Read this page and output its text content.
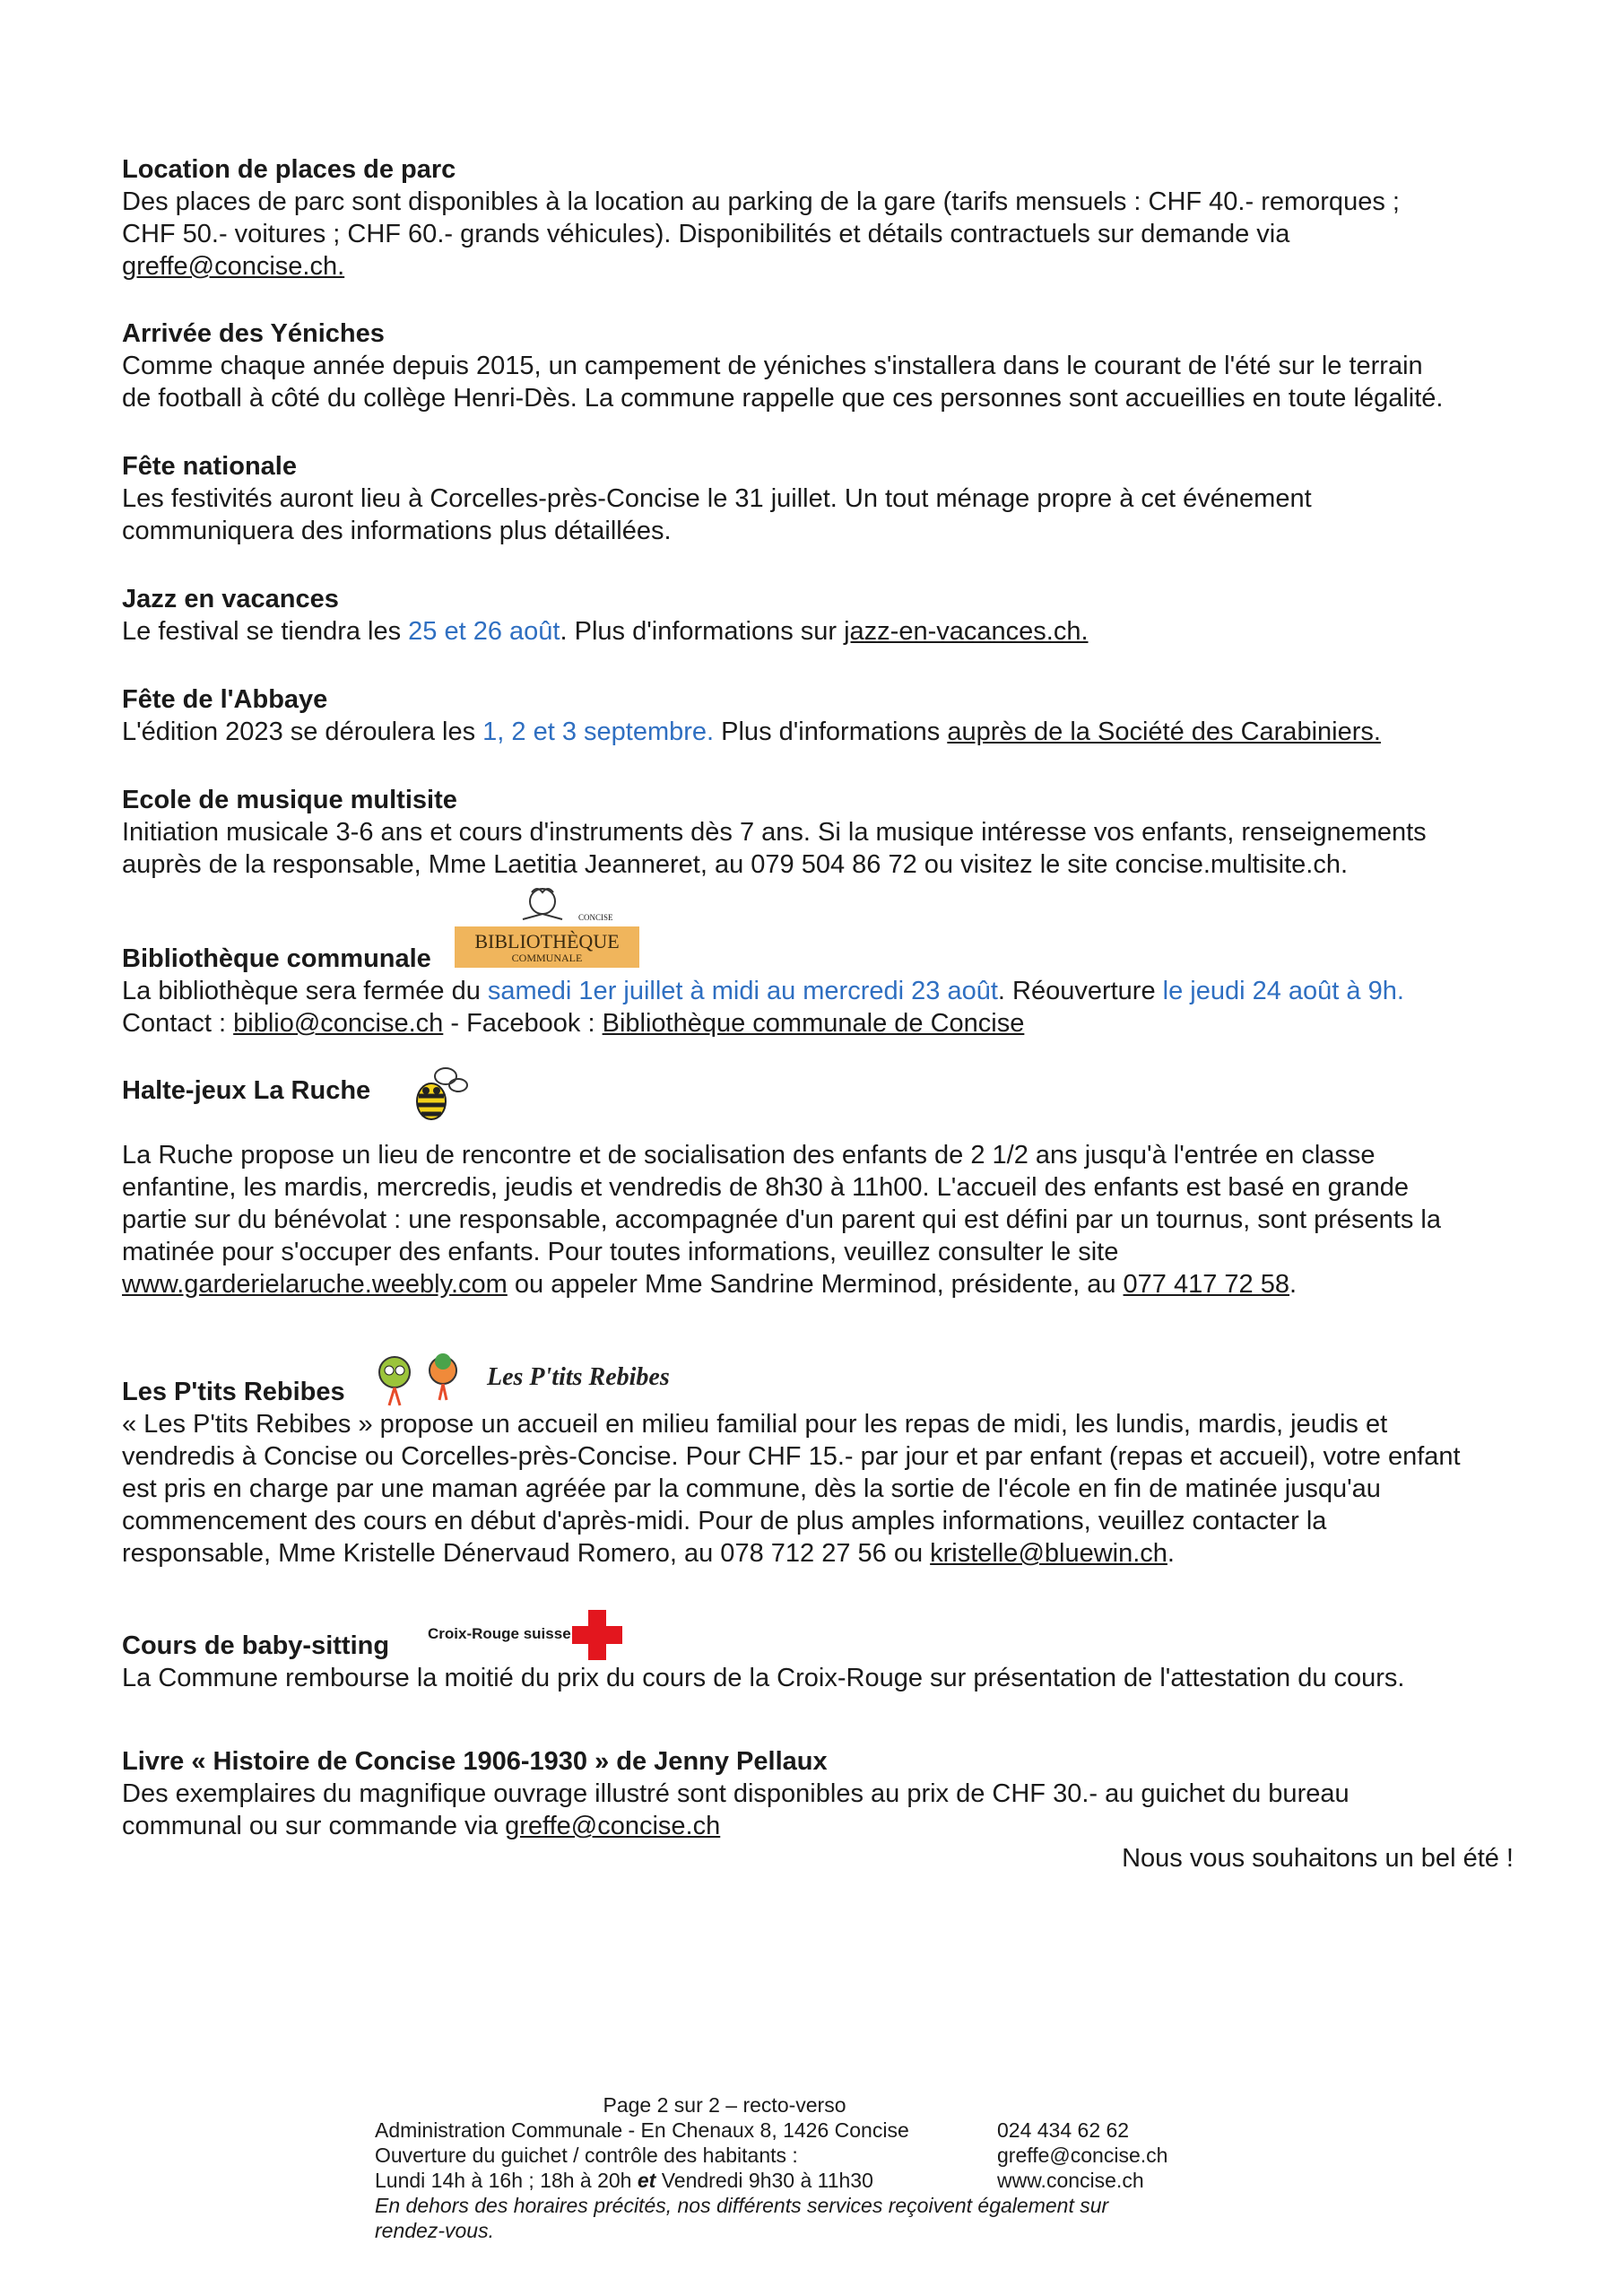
Location de places de parc
Des places de parc sont disponibles à la location au parking de la gare (tarifs mensuels : CHF 40.- remorques ;
CHF 50.- voitures ; CHF 60.- grands véhicules). Disponibilités et détails contractuels sur demande via
greffe@concise.ch.
Arrivée des Yéniches
Comme chaque année depuis 2015, un campement de yéniches s'installera dans le courant de l'été sur le terrain
de football à côté du collège Henri-Dès. La commune rappelle que ces personnes sont accueillies en toute légalité.
Fête nationale
Les festivités auront lieu à Corcelles-près-Concise le 31 juillet. Un tout ménage propre à cet événement
communiquera des informations plus détaillées.
Jazz en vacances
Le festival se tiendra les 25 et 26 août. Plus d'informations sur jazz-en-vacances.ch.
Fête de l'Abbaye
L'édition 2023 se déroulera les 1, 2 et 3 septembre. Plus d'informations auprès de la Société des Carabiniers.
Ecole de musique multisite
Initiation musicale 3-6 ans et cours d'instruments dès 7 ans. Si la musique intéresse vos enfants, renseignements
auprès de la responsable, Mme Laetitia Jeanneret, au 079 504 86 72 ou visitez le site concise.multisite.ch.
CONCISE
BIBLIOTHÈQUE
COMMUNALE
Bibliothèque communale
La bibliothèque sera fermée du samedi 1er juillet à midi au mercredi 23 août. Réouverture le jeudi 24 août à 9h.
Contact : biblio@concise.ch - Facebook : Bibliothèque communale de Concise
Halte-jeux La Ruche
La Ruche propose un lieu de rencontre et de socialisation des enfants de 2 1/2 ans jusqu'à l'entrée en classe
enfantine, les mardis, mercredis, jeudis et vendredis de 8h30 à 11h00. L'accueil des enfants est basé en grande
partie sur du bénévolat : une responsable, accompagnée d'un parent qui est défini par un tournus, sont présents la
matinée pour s'occuper des enfants. Pour toutes informations, veuillez consulter le site
www.garderielaruche.weebly.com ou appeler Mme Sandrine Merminod, présidente, au 077 417 72 58.
Les P'tits Rebibes
Les P'tits Rebibes
« Les P'tits Rebibes » propose un accueil en milieu familial pour les repas de midi, les lundis, mardis, jeudis et
vendredis à Concise ou Corcelles-près-Concise. Pour CHF 15.- par jour et par enfant (repas et accueil), votre enfant
est pris en charge par une maman agréée par la commune, dès la sortie de l'école en fin de matinée jusqu'au
commencement des cours en début d'après-midi. Pour de plus amples informations, veuillez contacter la
responsable, Mme Kristelle Dénervaud Romero, au 078 712 27 56 ou kristelle@bluewin.ch.
Croix-Rouge suisse
Cours de baby-sitting
La Commune rembourse la moitié du prix du cours de la Croix-Rouge sur présentation de l'attestation du cours.
Livre « Histoire de Concise 1906-1930 » de Jenny Pellaux
Des exemplaires du magnifique ouvrage illustré sont disponibles au prix de CHF 30.- au guichet du bureau
communal ou sur commande via greffe@concise.ch
Nous vous souhaitons un bel été !
Page 2 sur 2 – recto-verso
Administration Communale - En Chenaux 8, 1426 Concise	024 434 62 62
Ouverture du guichet / contrôle des habitants :	greffe@concise.ch
Lundi 14h à 16h ; 18h à 20h et Vendredi 9h30 à 11h30	www.concise.ch
En dehors des horaires précités, nos différents services reçoivent également sur rendez-vous.
